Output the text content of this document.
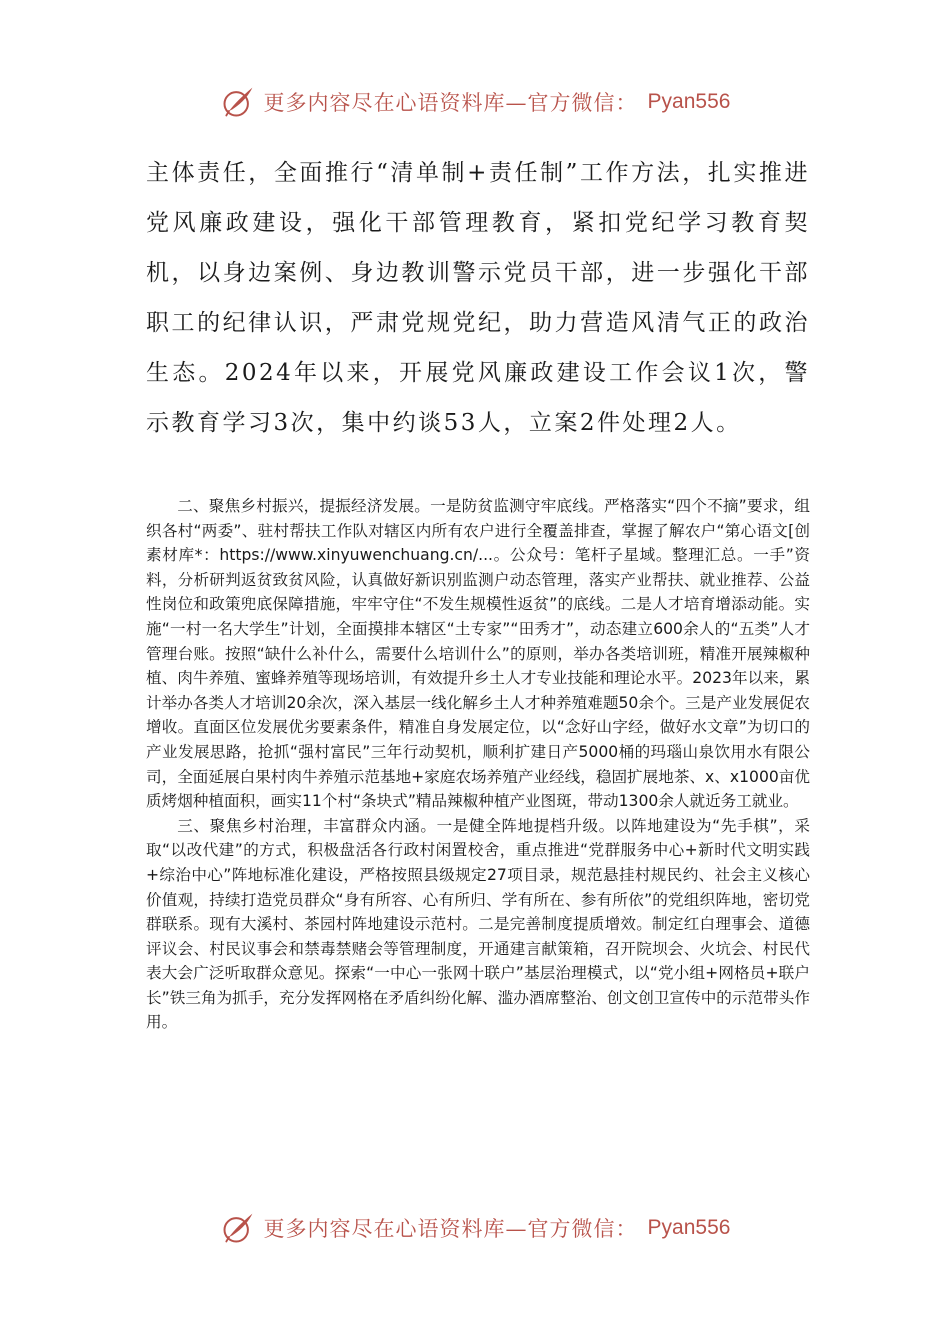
更多内容尽在心语资料库—官方微信： Pyan556
主体责任，全面推行“清单制+责任制”工作方法，扎实推进党风廉政建设，强化干部管理教育，紧扣党纪学习教育契机，以身边案例、身边教训警示党员干部，进一步强化干部职工的纪律认识，严肃党规党纪，助力营造风清气正的政治生态。2024年以来，开展党风廉政建设工作会议1次，警示教育学习3次，集中约谈53人，立案2件处理2人。

二、聚焦乡村振兴，提振经济发展。一是防贫监测守牢底线。严格落实“四个不摘”要求，组织各村“两委”、驻村帮扶工作队对辖区内所有农户进行全覆盖排查，掌握了解农户“第心语文[创素材库*：https://www.xinyuwenchuang.cn/...。公众号：笔杆子星域。整理汇总。一手”资料，分析研判返贫致贫风险，认真做好新识别监测户动态管理，落实产业帮扶、就业推荐、公益性岗位和政策兜底保障措施，牢牢守住“不发生规模性返贫”的底线。二是人才培育增添动能。实施“一村一名大学生”计划，全面摸排本辖区“土专家”“田秀才”，动态建立600余人的“五类”人才管理台账。按照“缺什么补什么，需要什么培训什么”的原则，举办各类培训班，精准开展辣椒种植、肉牛养殖、蜜蜂养殖等现场培训，有效提升乡土人才专业技能和理论水平。2023年以来，累计举办各类人才培训20余次，深入基层一线化解乡土人才种养殖难题50余个。三是产业发展促农增收。直面区位发展优劣要素条件，精准自身发展定位，以“念好山字经，做好水文章”为切口的产业发展思路，抢抓“强村富民”三年行动契机，顺利扩建日产5000桶的玛瑙山泉饮用水有限公司，全面延展白果村肉牛养殖示范基地+家庭农场养殖产业经线，稳固扩展地茶、x、x1000亩优质烤烟种植面积，画实11个村“条块式”精品辣椒种植产业图斑，带动1300余人就近务工就业。

三、聚焦乡村治理，丰富群众内涵。一是健全阵地提档升级。以阵地建设为“先手棋”，采取“以改代建”的方式，积极盘活各行政村闲置校舍，重点推进“党群服务中心+新时代文明实践+综治中心”阵地标准化建设，严格按照县级规定27项目录，规范悬挂村规民约、社会主义核心价值观，持续打造党员群众“身有所容、心有所归、学有所在、参有所依”的党组织阵地，密切党群联系。现有大溪村、茶园村阵地建设示范村。二是完善制度提质增效。制定红白理事会、道德评议会、村民议事会和禁毒禁赌会等管理制度，开通建言献策箱，召开院坝会、火坑会、村民代表大会广泛听取群众意见。探索“一中心一张网十联户”基层治理模式，以“党小组+网格员+联户长”铁三角为抓手，充分发挥网格在矛盾纠纷化解、滥办酒席整治、创文创卫宣传中的示范带头作用。

更多内容尽在心语资料库—官方微信： Pyan556
